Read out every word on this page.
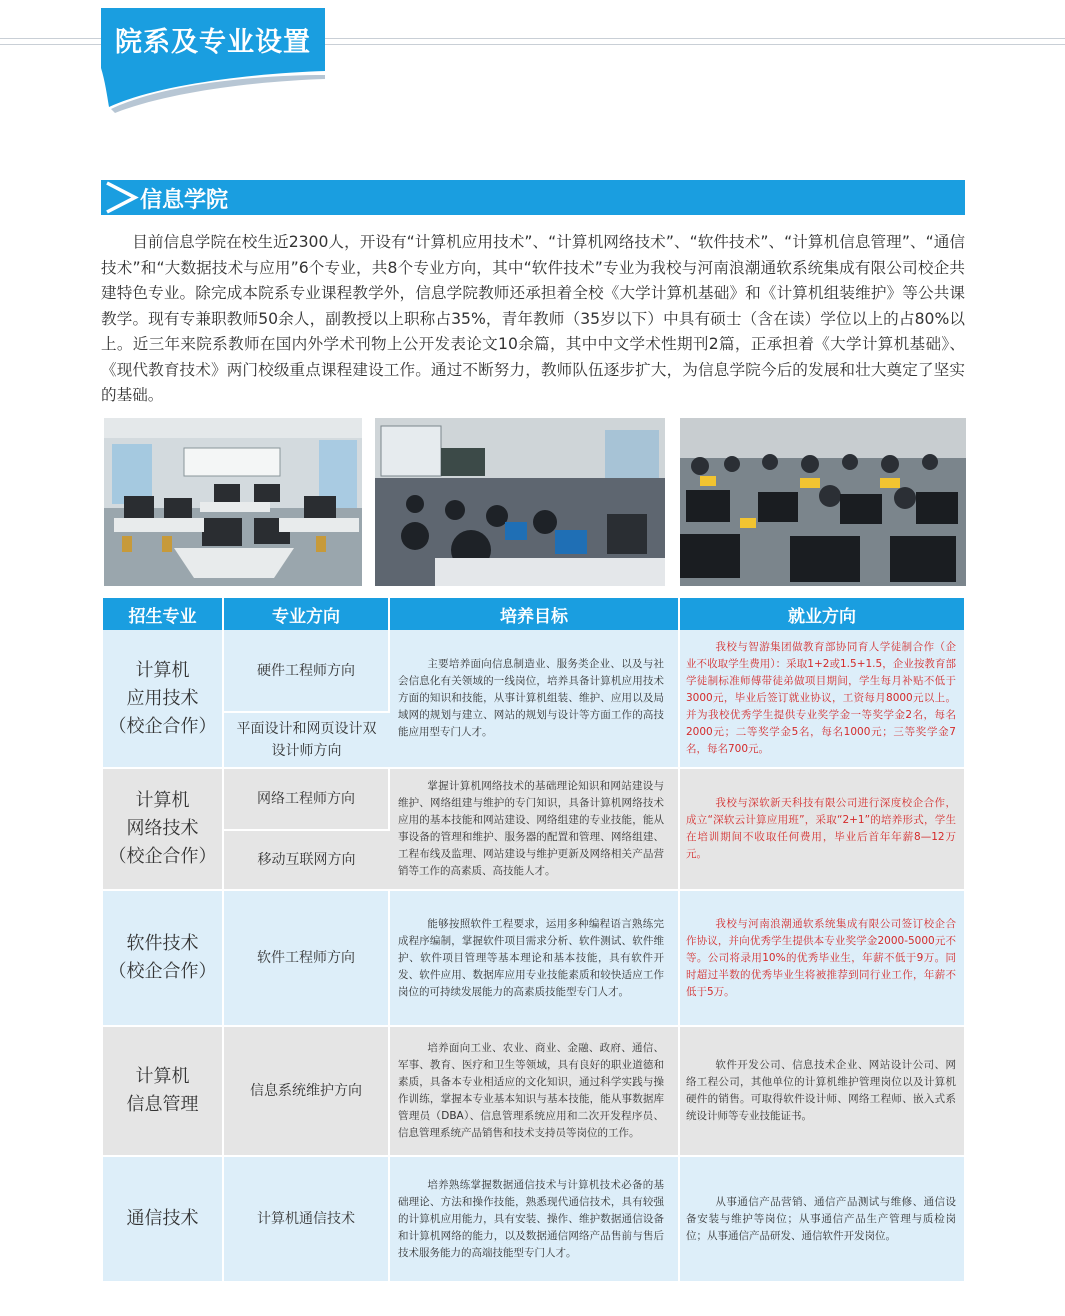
院系及专业设置
信息学院

目前信息学院在校生近2300人，开设有“计算机应用技术”、“计算机网络技术”、“软件技术”、“计算机信息管理”、“通信技术”和“大数据技术与应用”6个专业，共8个专业方向，其中“软件技术”专业为我校与河南浪潮通软系统集成有限公司校企共建特色专业。除完成本院系专业课程教学外，信息学院教师还承担着全校《大学计算机基础》和《计算机组装维护》等公共课教学。现有专兼职教师50余人，副教授以上职称占35%，青年教师（35岁以下）中具有硕士（含在读）学位以上的占80%以上。近三年来院系教师在国内外学术刊物上公开发表论文10余篇，其中中文学术性期刊2篇，正承担着《大学计算机基础》、《现代教育技术》两门校级重点课程建设工作。通过不断努力，教师队伍逐步扩大，为信息学院今后的发展和壮大奠定了坚实的基础。

招生专业	专业方向	培养目标	就业方向

计算机
应用技术
（校企合作）	硬件工程师方向	主要培养面向信息制造业、服务类企业、以及与社会信息化有关领域的一线岗位，培养具备计算机应用技术方面的知识和技能，从事计算机组装、维护、应用以及局域网的规划与建立、网站的规划与设计等方面工作的高技能应用型专门人才。	我校与智游集团做教育部协同育人学徒制合作（企业不收取学生费用）：采取1+2或1.5+1.5，企业按教育部学徒制标准师傅带徒弟做项目期间，学生每月补贴不低于3000元，毕业后签订就业协议，工资每月8000元以上。并为我校优秀学生提供专业奖学金一等奖学金2名，每名2000元；二等奖学金5名，每名1000元；三等奖学金7名，每名700元。
	平面设计和网页设计双设计师方向		

计算机
网络技术
（校企合作）	网络工程师方向	掌握计算机网络技术的基础理论知识和网站建设与维护、网络组建与维护的专门知识，具备计算机网络技术应用的基本技能和网站建设、网络组建的专业技能，能从事设备的管理和维护、服务器的配置和管理、网络组建、工程布线及监理、网站建设与维护更新及网络相关产品营销等工作的高素质、高技能人才。	我校与深软新天科技有限公司进行深度校企合作，成立“深软云计算应用班”，采取“2+1”的培养形式，学生在培训期间不收取任何费用，毕业后首年年薪8—12万元。
	移动互联网方向		

软件技术
（校企合作）	软件工程师方向	能够按照软件工程要求，运用多种编程语言熟练完成程序编制，掌握软件项目需求分析、软件测试、软件维护、软件项目管理等基本理论和基本技能，具有软件开发、软件应用、数据库应用专业技能素质和较快适应工作岗位的可持续发展能力的高素质技能型专门人才。	我校与河南浪潮通软系统集成有限公司签订校企合作协议，并向优秀学生提供本专业奖学金2000-5000元不等。公司将录用10%的优秀毕业生，年薪不低于9万。同时超过半数的优秀毕业生将被推荐到同行业工作，年薪不低于5万。

计算机
信息管理	信息系统维护方向	培养面向工业、农业、商业、金融、政府、通信、军事、教育、医疗和卫生等领域，具有良好的职业道德和素质，具备本专业相适应的文化知识，通过科学实践与操作训练，掌握本专业基本知识与基本技能，能从事数据库管理员（DBA）、信息管理系统应用和二次开发程序员、信息管理系统产品销售和技术支持员等岗位的工作。	软件开发公司、信息技术企业、网站设计公司、网络工程公司，其他单位的计算机维护管理岗位以及计算机硬件的销售。可取得软件设计师、网络工程师、嵌入式系统设计师等专业技能证书。

通信技术	计算机通信技术	培养熟练掌握数据通信技术与计算机技术必备的基础理论、方法和操作技能，熟悉现代通信技术，具有较强的计算机应用能力，具有安装、操作、维护数据通信设备和计算机网络的能力，以及数据通信网络产品售前与售后技术服务能力的高端技能型专门人才。	从事通信产品营销、通信产品测试与维修、通信设备安装与维护等岗位；从事通信产品生产管理与质检岗位；从事通信产品研发、通信软件开发岗位。
